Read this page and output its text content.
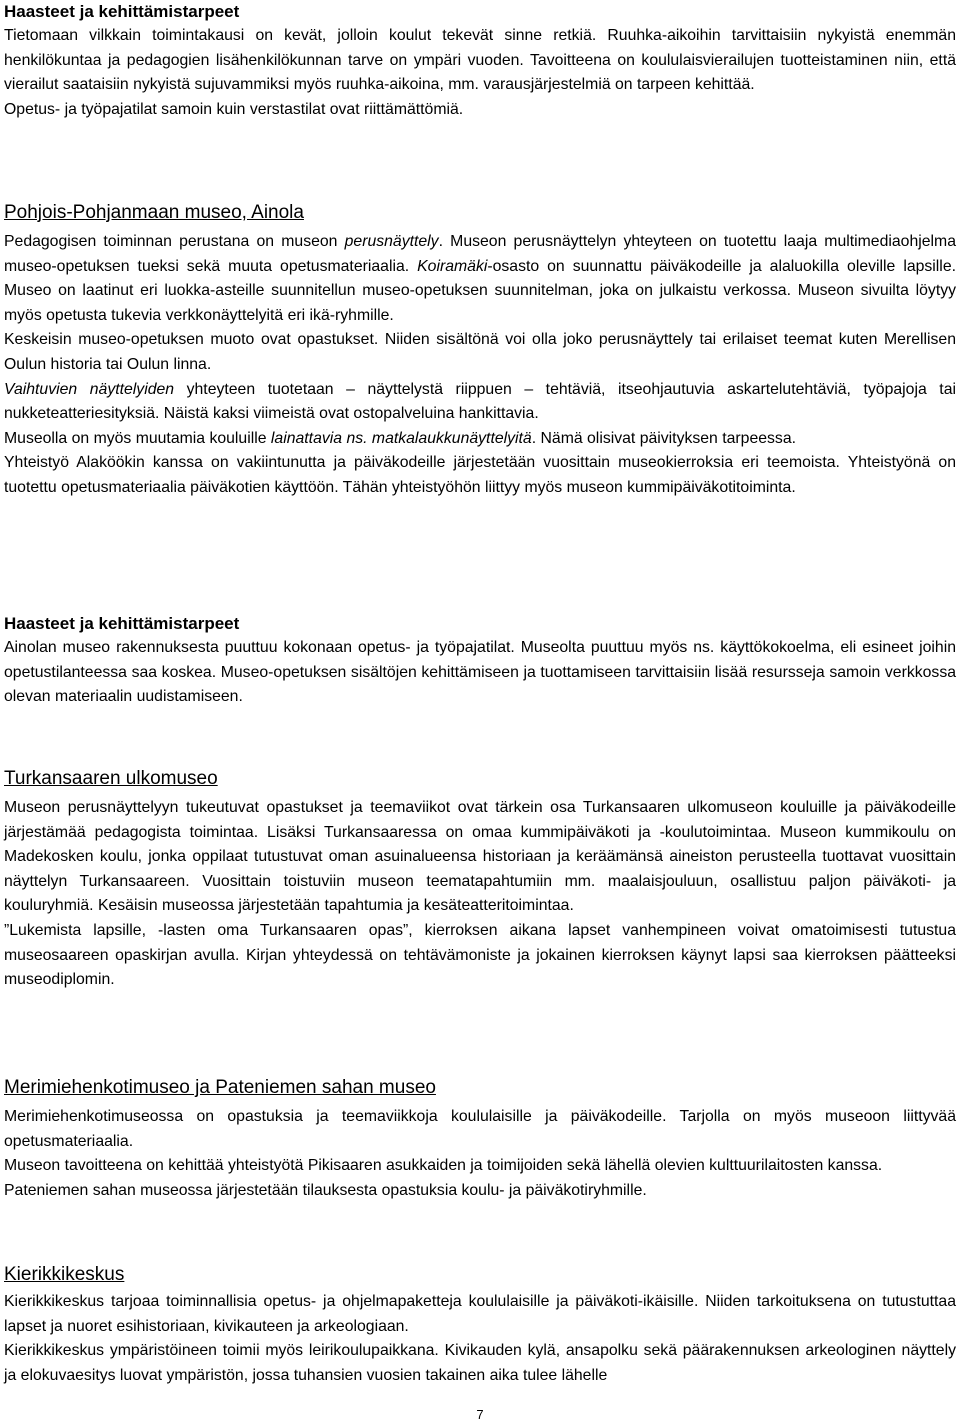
Haasteet ja kehittämistarpeet

Tietomaan vilkkain toimintakausi on kevät, jolloin koulut tekevät sinne retkiä. Ruuhka-aikoihin tarvittaisiin nykyistä enemmän henkilökuntaa ja pedagogien lisähenkilökunnan tarve on ympäri vuoden. Tavoitteena on koululaisvierailujen tuotteistaminen niin, että vierailut saataisiin nykyistä sujuvammiksi myös ruuhka-aikoina, mm. varausjärjestelmiä on tarpeen kehittää.

Opetus- ja työpajatilat samoin kuin verstastilat ovat riittämättömiä.

Pohjois-Pohjanmaan museo, Ainola

Pedagogisen toiminnan perustana on museon perusnäyttely. Museon perusnäyttelyn yhteyteen on tuotettu laaja multimediaohjelma museo-opetuksen tueksi sekä muuta opetusmateriaalia. Koiramäki-osasto on suunnattu päiväkodeille ja alaluokilla oleville lapsille. Museo on laatinut eri luokka-asteille suunnitellun museo-opetuksen suunnitelman, joka on julkaistu verkossa. Museon sivuilta löytyy myös opetusta tukevia verkkonäyttelyitä eri ikä-ryhmille.

Keskeisin museo-opetuksen muoto ovat opastukset. Niiden sisältönä voi olla joko perusnäyttely tai erilaiset teemat kuten Merellisen Oulun historia tai Oulun linna.

Vaihtuvien näyttelyiden yhteyteen tuotetaan – näyttelystä riippuen – tehtäviä, itseohjautuvia askartelutehtäviä, työpajoja tai nukketeatteriesityksiä. Näistä kaksi viimeistä ovat ostopalveluina hankittavia.

Museolla on myös muutamia kouluille lainattavia ns. matkalaukkunäyttelyitä. Nämä olisivat päivityksen tarpeessa.

Yhteistyö Alaköökin kanssa on vakiintunutta ja päiväkodeille järjestetään vuosittain museokierroksia eri teemoista. Yhteistyönä on tuotettu opetusmateriaalia päiväkotien käyttöön. Tähän yhteistyöhön liittyy myös museon kummipäiväkotitoiminta.

Haasteet ja kehittämistarpeet

Ainolan museo rakennuksesta puuttuu kokonaan opetus- ja työpajatilat. Museolta puuttuu myös ns. käyttökokoelma, eli esineet joihin opetustilanteessa saa koskea. Museo-opetuksen sisältöjen kehittämiseen ja tuottamiseen tarvittaisiin lisää resursseja samoin verkkossa olevan materiaalin uudistamiseen.

Turkansaaren ulkomuseo

Museon perusnäyttelyyn tukeutuvat opastukset ja teemaviikot ovat tärkein osa Turkansaaren ulkomuseon kouluille ja päiväkodeille järjestämää pedagogista toimintaa. Lisäksi Turkansaaressa on omaa kummipäiväkoti ja -koulutoimintaa. Museon kummikoulu on Madekosken koulu, jonka oppilaat tutustuvat oman asuinalueensa historiaan ja keräämänsä aineiston perusteella tuottavat vuosittain näyttelyn Turkansaareen. Vuosittain toistuviin museon teematapahtumiin mm. maalaisjouluun, osallistuu paljon päiväkoti- ja kouluryhmiä. Kesäisin museossa järjestetään tapahtumia ja kesäteatteritoimintaa.

”Lukemista lapsille, -lasten oma Turkansaaren opas”, kierroksen aikana lapset vanhempineen voivat omatoimisesti tutustua museosaareen opaskirjan avulla. Kirjan yhteydessä on tehtävämoniste ja jokainen kierroksen käynyt lapsi saa kierroksen päätteeksi museodiplomin.

Merimiehenkotimuseo ja Pateniemen sahan museo

Merimiehenkotimuseossa on opastuksia ja teemaviikkoja koululaisille ja päiväkodeille. Tarjolla on myös museoon liittyvää opetusmateriaalia.

Museon tavoitteena on kehittää yhteistyötä Pikisaaren asukkaiden ja toimijoiden sekä lähellä olevien kulttuurilaitosten kanssa.

Pateniemen sahan museossa järjestetään tilauksesta opastuksia koulu- ja päiväkotiryhmille.

Kierikkikeskus

Kierikkikeskus tarjoaa toiminnallisia opetus- ja ohjelmapaketteja koululaisille ja päiväkoti-ikäisille. Niiden tarkoituksena on tutustuttaa lapset ja nuoret esihistoriaan, kivikauteen ja arkeologiaan.

Kierikkikeskus ympäristöineen toimii myös leirikoulupaikkana. Kivikauden kylä, ansapolku sekä päärakennuksen arkeologinen näyttely ja elokuvaesitys luovat ympäristön, jossa tuhansien vuosien takainen aika tulee lähelle

7
